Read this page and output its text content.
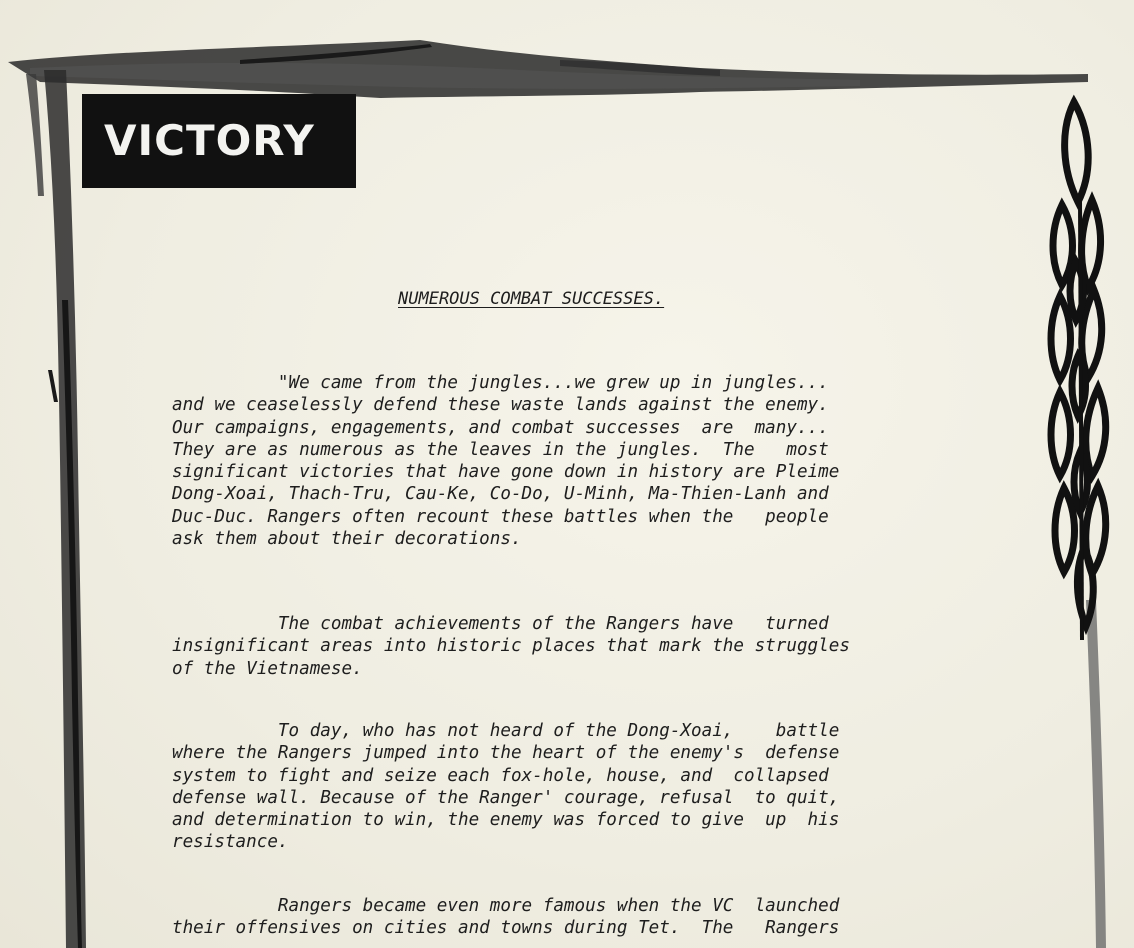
VICTORY
NUMEROUS COMBAT SUCCESSES.
"We came from the jungles...we grew up in jungles...
and we ceaselessly defend these waste lands against the enemy.
Our campaigns, engagements, and combat successes  are  many...
They are as numerous as the leaves in the jungles.  The   most
significant victories that have gone down in history are Pleime
Dong-Xoai, Thach-Tru, Cau-Ke, Co-Do, U-Minh, Ma-Thien-Lanh and
Duc-Duc. Rangers often recount these battles when the   people
ask them about their decorations.
The combat achievements of the Rangers have   turned
insignificant areas into historic places that mark the struggles
of the Vietnamese.
To day, who has not heard of the Dong-Xoai,    battle
where the Rangers jumped into the heart of the enemy's  defense
system to fight and seize each fox-hole, house, and  collapsed
defense wall. Because of the Ranger' courage, refusal  to quit,
and determination to win, the enemy was forced to give  up  his
resistance.
Rangers became even more famous when the VC  launched
their offensives on cities and towns during Tet.  The   Rangers
